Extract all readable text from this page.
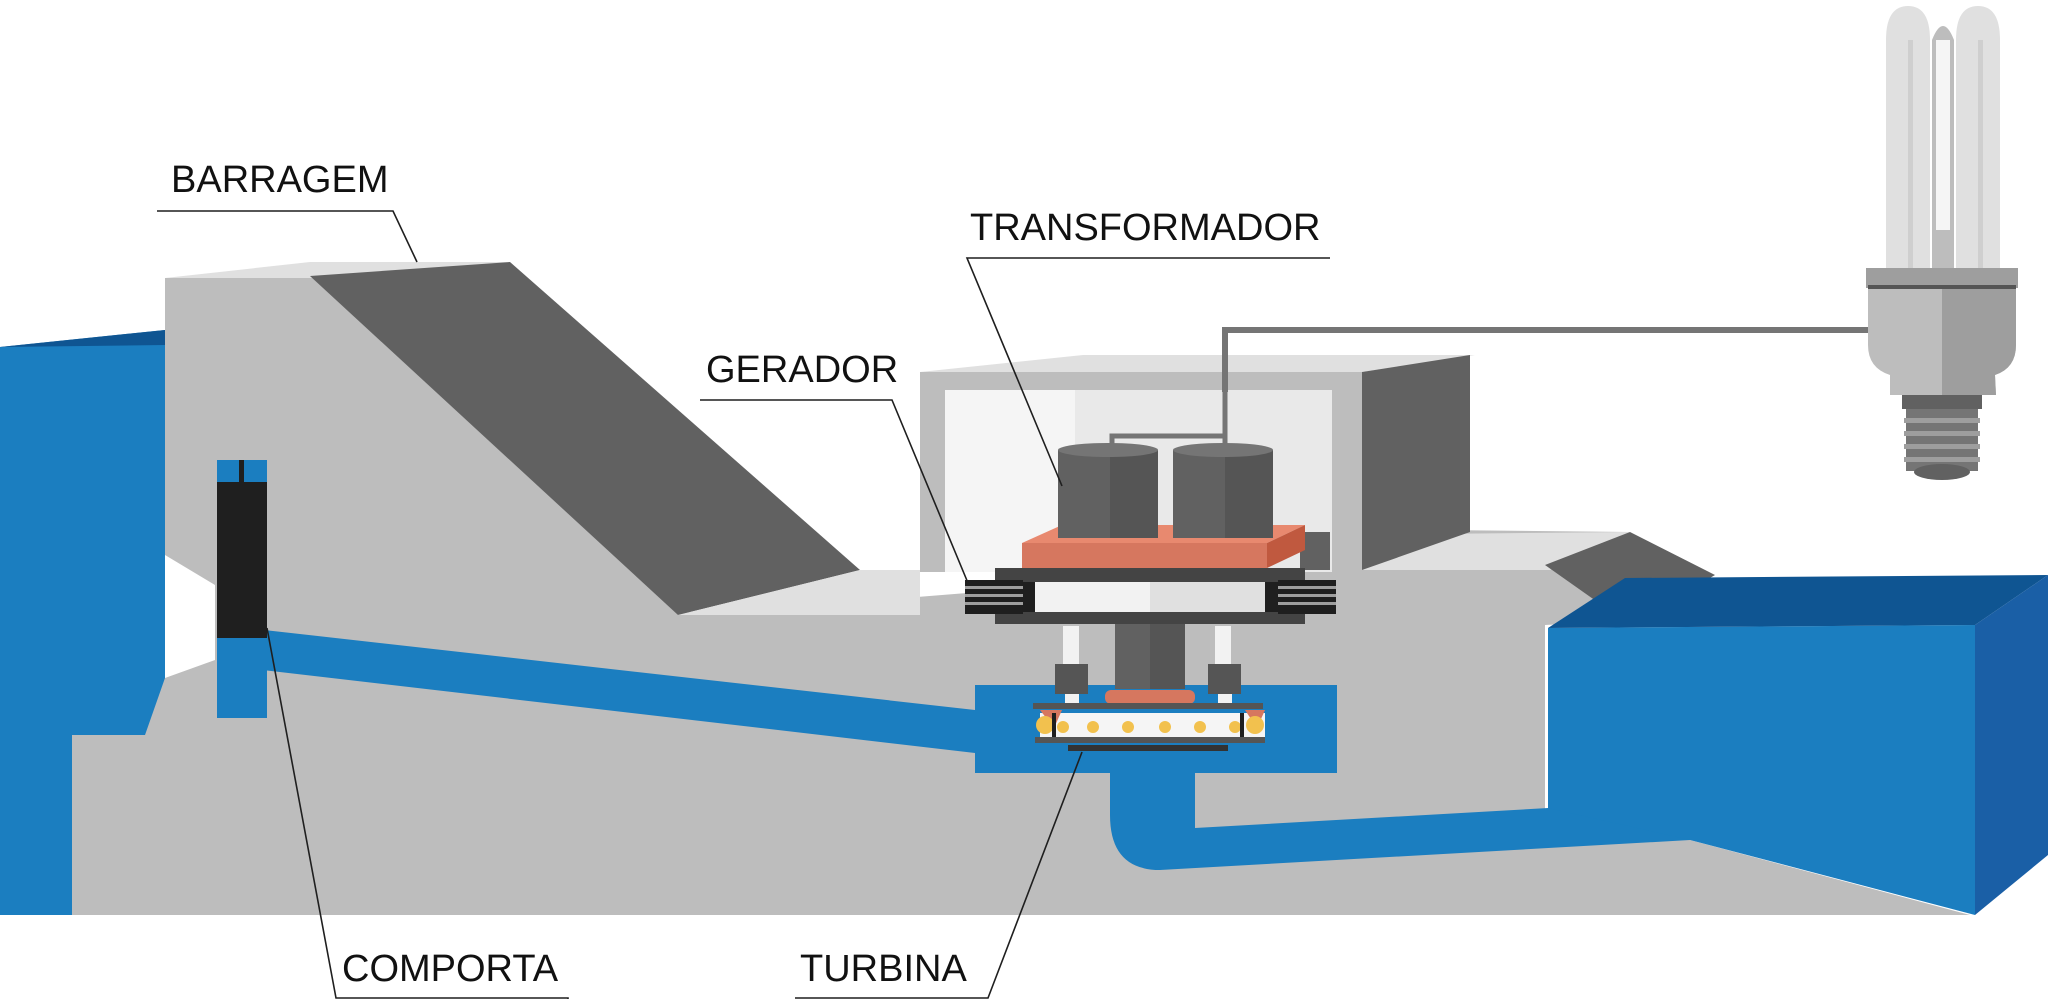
BARRAGEM
TRANSFORMADOR
GERADOR
COMPORTA	TURBINA
